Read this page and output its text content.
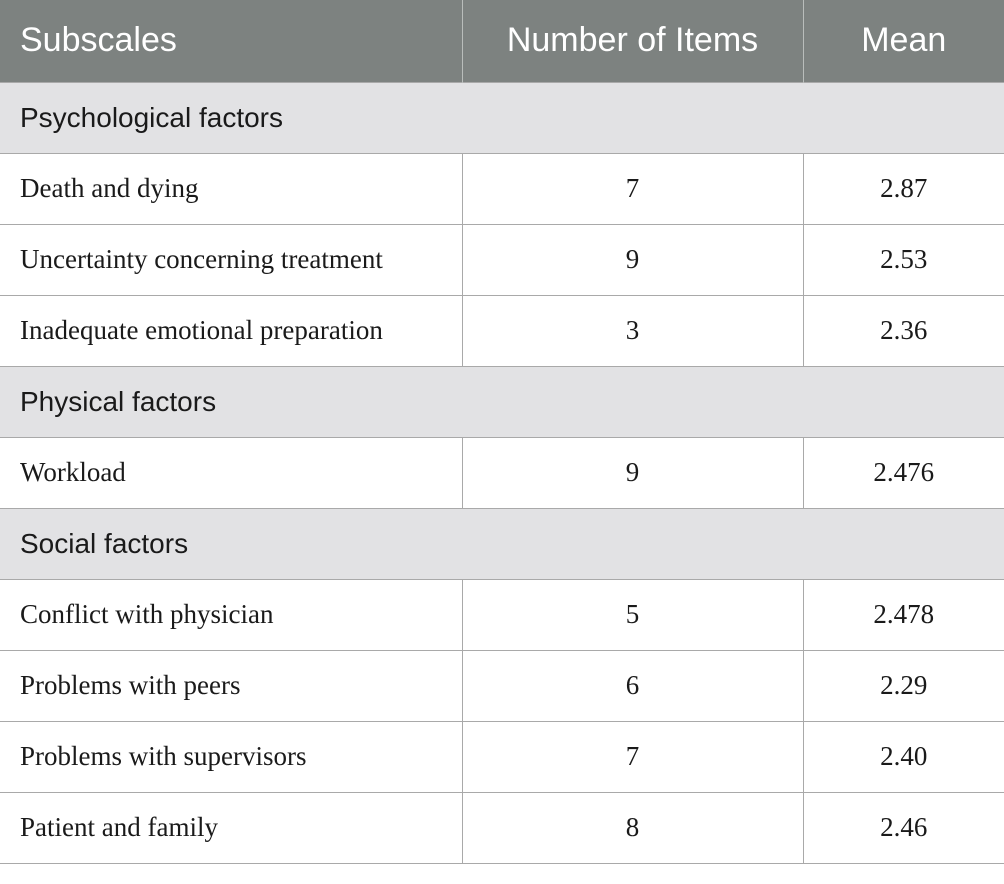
Subscales	Number of Items	Mean
Psychological factors		
Death and dying	7	2.87
Uncertainty concerning treatment	9	2.53
Inadequate emotional preparation	3	2.36
Physical factors		
Workload	9	2.476
Social factors		
Conflict with physician	5	2.478
Problems with peers	6	2.29
Problems with supervisors	7	2.40
Patient and family	8	2.46
